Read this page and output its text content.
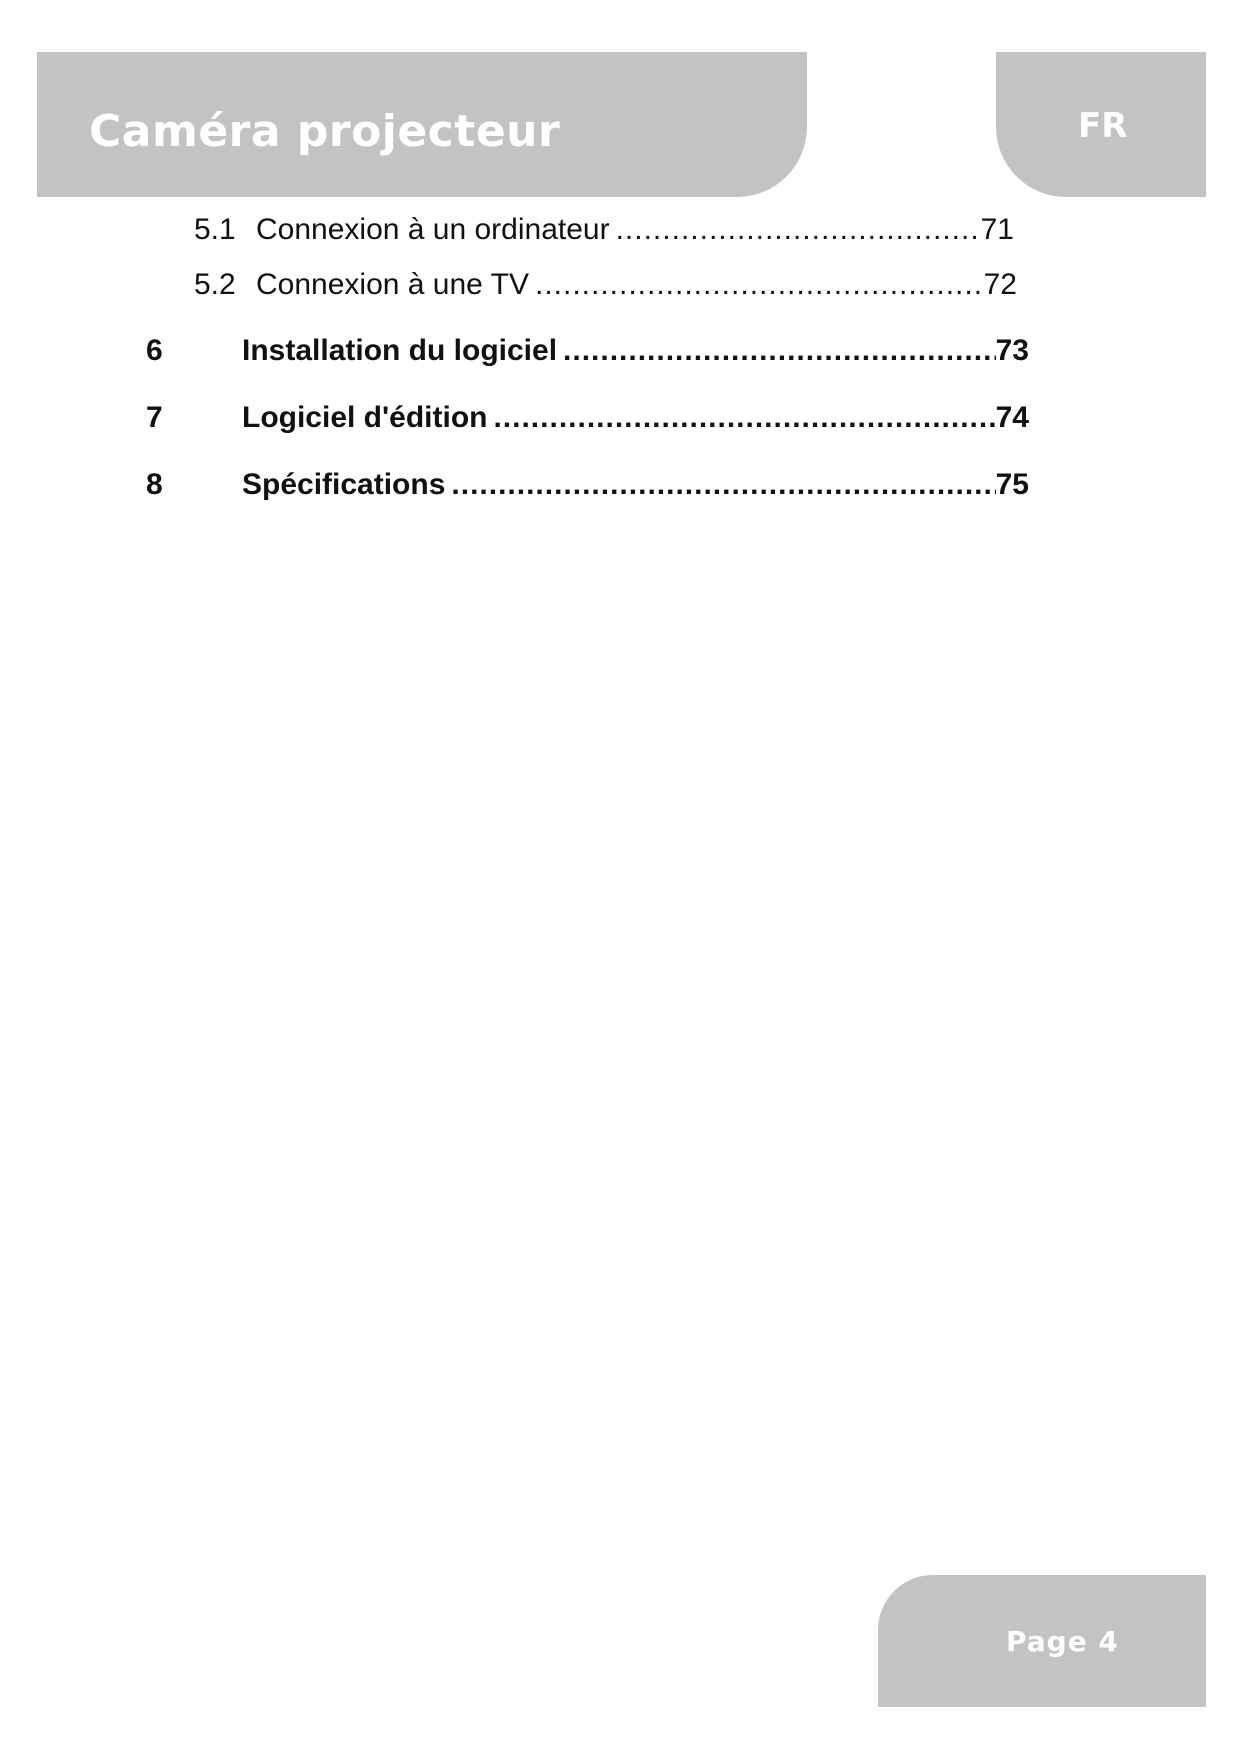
Caméra projecteur	FR
5.1 Connexion à un ordinateur .....	71
5.2 Connexion à une TV .....	72
6	Installation du logiciel .....	73
7	Logiciel d'édition .....	74
8	Spécifications .....	75
Page 4
